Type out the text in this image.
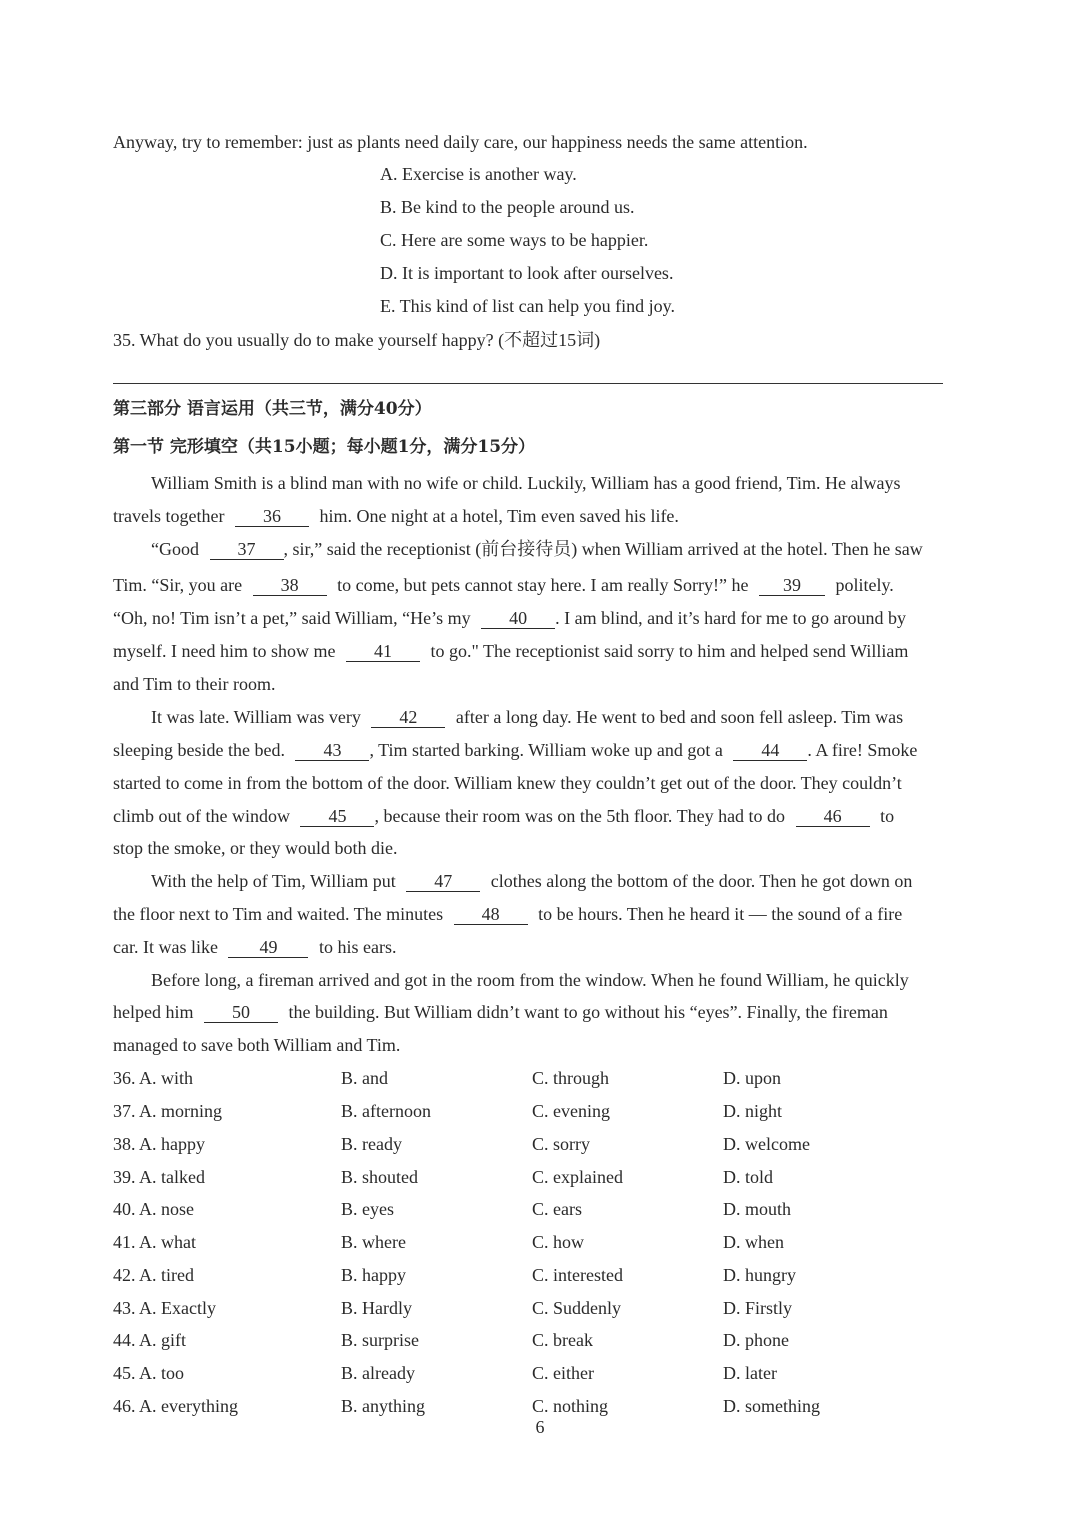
Anyway, try to remember: just as plants need daily care, our happiness needs the same attention.
A. Exercise is another way.
B. Be kind to the people around us.
C. Here are some ways to be happier.
D. It is important to look after ourselves.
E. This kind of list can help you find joy.
35. What do you usually do to make yourself happy? (不超过15词)
第三部分 语言运用（共三节，满分40分）
第一节 完形填空（共15小题；每小题1分，满分15分）
William Smith is a blind man with no wife or child. Luckily, William has a good friend, Tim. He always
travels together 36 him. One night at a hotel, Tim even saved his life.
“Good 37 , sir,” said the receptionist (前台接待员) when William arrived at the hotel. Then he saw
Tim. “Sir, you are 38 to come, but pets cannot stay here. I am really Sorry!” he 39 politely.
“Oh, no! Tim isn’t a pet,” said William, “He’s my 40 . I am blind, and it’s hard for me to go around by
myself. I need him to show me 41 to go." The receptionist said sorry to him and helped send William
and Tim to their room.
It was late. William was very 42 after a long day. He went to bed and soon fell asleep. Tim was
sleeping beside the bed. 43 , Tim started barking. William woke up and got a 44 . A fire! Smoke
started to come in from the bottom of the door. William knew they couldn’t get out of the door. They couldn’t
climb out of the window 45 , because their room was on the 5th floor. They had to do 46 to
stop the smoke, or they would both die.
With the help of Tim, William put 47 clothes along the bottom of the door. Then he got down on
the floor next to Tim and waited. The minutes 48 to be hours. Then he heard it — the sound of a fire
car. It was like 49 to his ears.
Before long, a fireman arrived and got in the room from the window. When he found William, he quickly
helped him 50 the building. But William didn’t want to go without his “eyes”. Finally, the fireman
managed to save both William and Tim.
36. A. with	B. and	C. through	D. upon
37. A. morning	B. afternoon	C. evening	D. night
38. A. happy	B. ready	C. sorry	D. welcome
39. A. talked	B. shouted	C. explained	D. told
40. A. nose	B. eyes	C. ears	D. mouth
41. A. what	B. where	C. how	D. when
42. A. tired	B. happy	C. interested	D. hungry
43. A. Exactly	B. Hardly	C. Suddenly	D. Firstly
44. A. gift	B. surprise	C. break	D. phone
45. A. too	B. already	C. either	D. later
46. A. everything	B. anything	C. nothing	D. something
6
